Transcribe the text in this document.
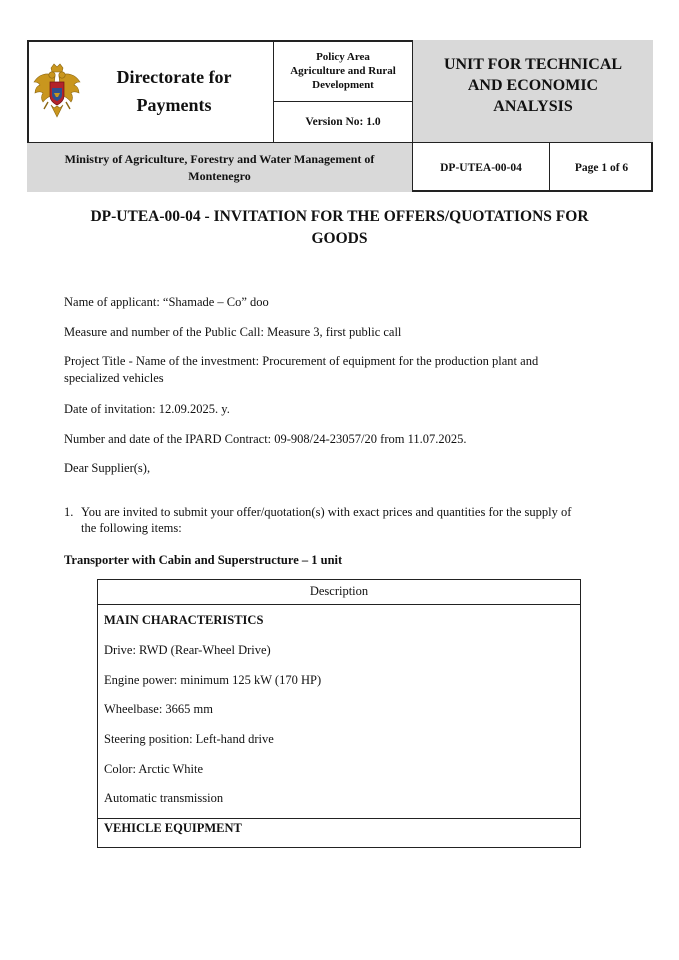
Directorate for
Payments
Policy Area
Agriculture and Rural
Development
Version No: 1.0
UNIT FOR TECHNICAL
AND ECONOMIC
ANALYSIS
Ministry of Agriculture, Forestry and Water Management of
Montenegro
DP-UTEA-00-04	Page 1 of 6
DP-UTEA-00-04 - INVITATION FOR THE OFFERS/QUOTATIONS FOR
GOODS
Name of applicant: “Shamade – Co” doo
Measure and number of the Public Call: Measure 3, first public call
Project Title - Name of the investment: Procurement of equipment for the production plant and
specialized vehicles
Date of invitation: 12.09.2025. y.
Number and date of the IPARD Contract: 09-908/24-23057/20 from 11.07.2025.
Dear Supplier(s),
1. You are invited to submit your offer/quotation(s) with exact prices and quantities for the supply of
the following items:
Transporter with Cabin and Superstructure – 1 unit
Description
MAIN CHARACTERISTICS
Drive: RWD (Rear-Wheel Drive)
Engine power: minimum 125 kW (170 HP)
Wheelbase: 3665 mm
Steering position: Left-hand drive
Color: Arctic White
Automatic transmission
VEHICLE EQUIPMENT
